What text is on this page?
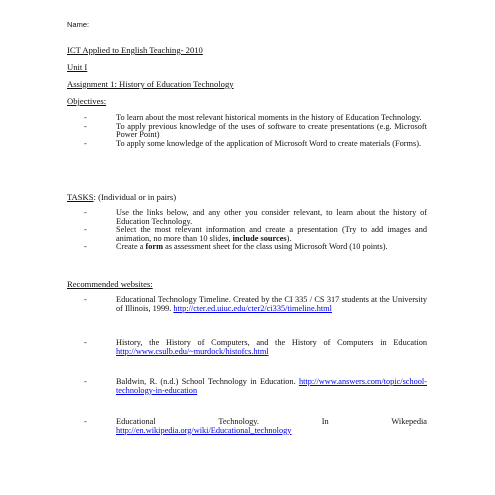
Name:
ICT Applied to English Teaching- 2010
Unit I
Assignment 1: History of Education Technology
Objectives:
-	To learn about the most relevant historical moments in the history of Education Technology.
-	To apply previous knowledge of the uses of software to create presentations (e.g. Microsoft Power Point)
-	To apply some knowledge of the application of Microsoft Word to create materials (Forms).
TASKS: (Individual or in pairs)
-	Use the links below, and any other you consider relevant, to learn about the history of Education Technology.
-	Select the most relevant information and create a presentation (Try to add images and animation, no more than 10 slides, include sources).
-	Create a form as assessment sheet for the class using Microsoft Word (10 points).
Recommended websites:
-	Educational Technology Timeline. Created by the CI 335 / CS 317 students at the University of Illinois, 1999. http://cter.ed.uiuc.edu/cter2/ci335/timeline.html
-	History, the History of Computers, and the History of Computers in Education http://www.csulb.edu/~murdock/histofcs.html
-	Baldwin, R. (n.d.) School Technology in Education. http://www.answers.com/topic/school-technology-in-education
-	Educational	Technology.	In	Wikepedia
http://en.wikipedia.org/wiki/Educational_technology
